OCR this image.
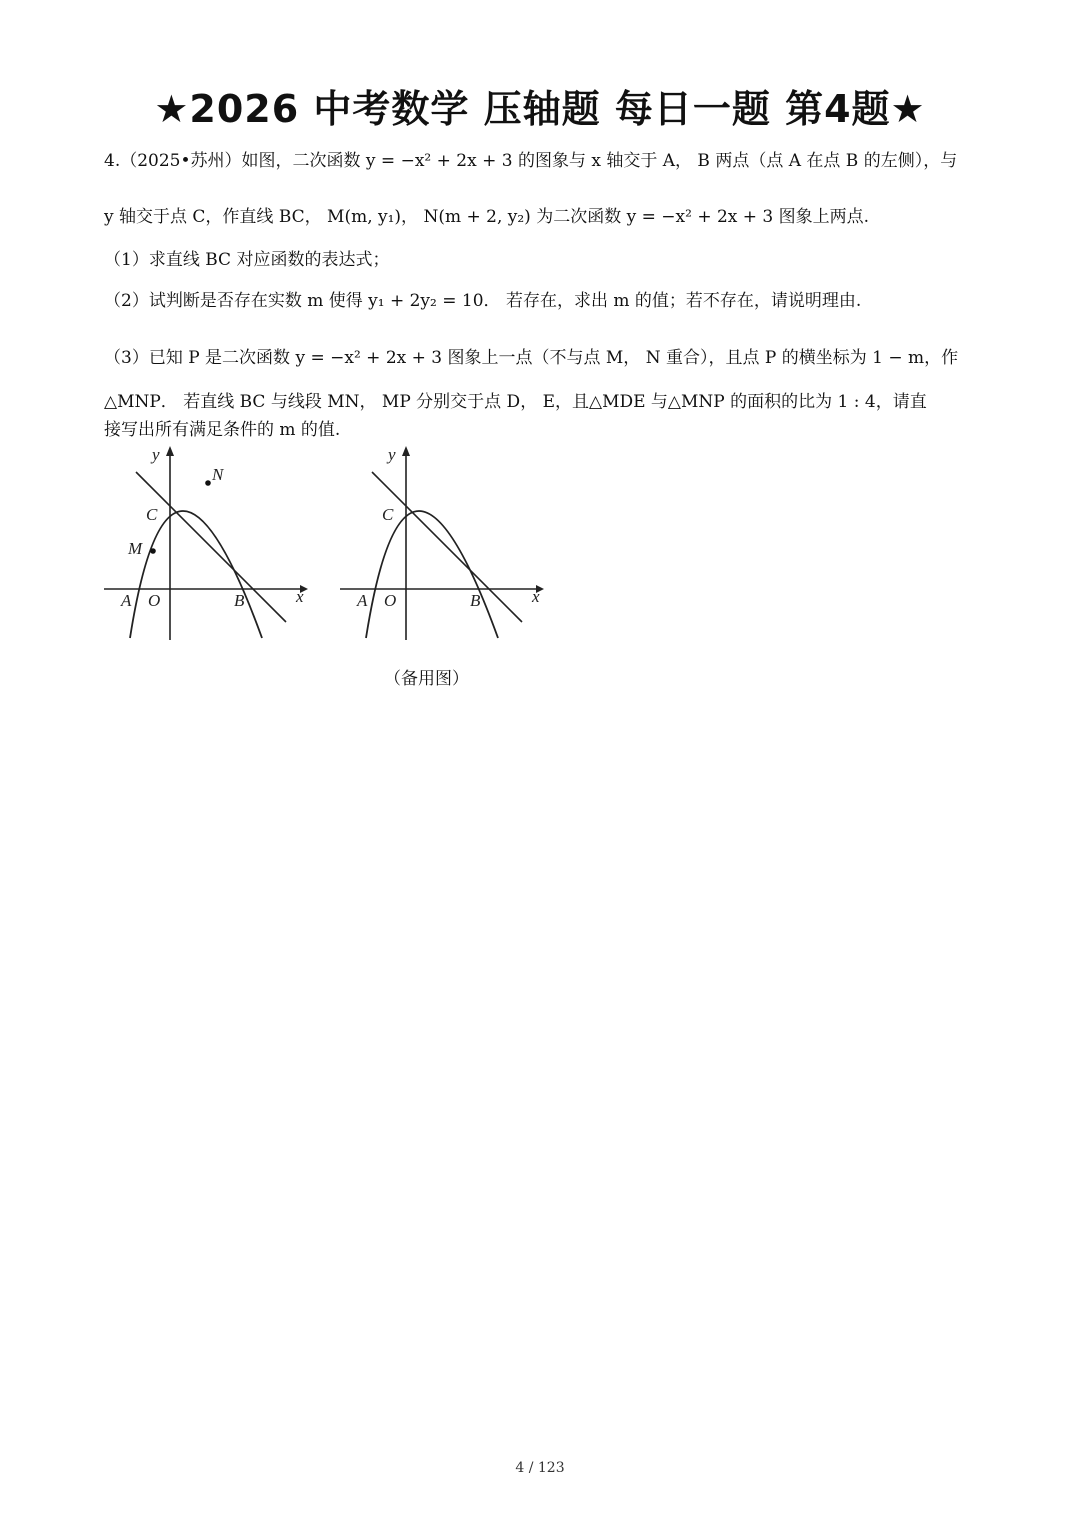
★2026 中考数学 压轴题 每日一题 第4题★
4.（2025•苏州）如图，二次函数 y = −x² + 2x + 3 的图象与 x 轴交于 A， B 两点（点 A 在点 B 的左侧），与
y 轴交于点 C，作直线 BC， M(m, y₁)， N(m + 2, y₂) 为二次函数 y = −x² + 2x + 3 图象上两点.
（1）求直线 BC 对应函数的表达式；
（2）试判断是否存在实数 m 使得 y₁ + 2y₂ = 10． 若存在，求出 m 的值；若不存在，请说明理由.
（3）已知 P 是二次函数 y = −x² + 2x + 3 图象上一点（不与点 M， N 重合），且点 P 的横坐标为 1 − m，作
△MNP． 若直线 BC 与线段 MN， MP 分别交于点 D， E，且△MDE 与△MNP 的面积的比为 1 : 4，请直
接写出所有满足条件的 m 的值.
y
x
A O	B
C
M
N
y
x
A O	B
C
（备用图）
4 / 123
